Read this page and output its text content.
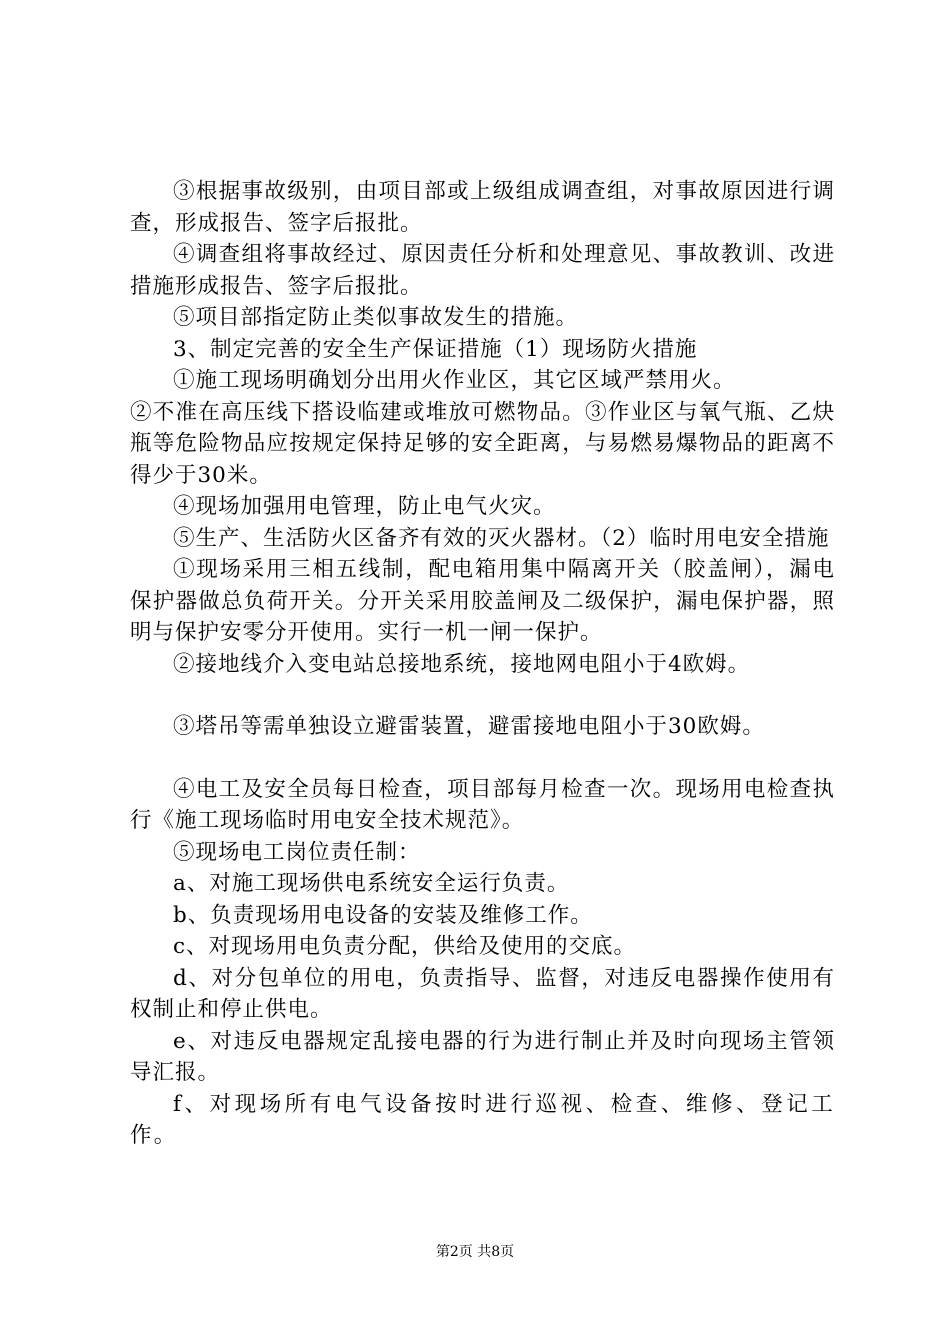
③根据事故级别，由项目部或上级组成调查组，对事故原因进行调查，形成报告、签字后报批。

④调查组将事故经过、原因责任分析和处理意见、事故教训、改进措施形成报告、签字后报批。

⑤项目部指定防止类似事故发生的措施。

3、制定完善的安全生产保证措施（1）现场防火措施

①施工现场明确划分出用火作业区，其它区域严禁用火。

②不准在高压线下搭设临建或堆放可燃物品。③作业区与氧气瓶、乙炔瓶等危险物品应按规定保持足够的安全距离，与易燃易爆物品的距离不得少于30米。

④现场加强用电管理，防止电气火灾。

⑤生产、生活防火区备齐有效的灭火器材。（2）临时用电安全措施

①现场采用三相五线制，配电箱用集中隔离开关（胶盖闸），漏电保护器做总负荷开关。分开关采用胶盖闸及二级保护，漏电保护器，照明与保护安零分开使用。实行一机一闸一保护。

②接地线介入变电站总接地系统，接地网电阻小于4欧姆。

③塔吊等需单独设立避雷装置，避雷接地电阻小于30欧姆。

④电工及安全员每日检查，项目部每月检查一次。现场用电检查执行《施工现场临时用电安全技术规范》。

⑤现场电工岗位责任制：

a、对施工现场供电系统安全运行负责。

b、负责现场用电设备的安装及维修工作。

c、对现场用电负责分配，供给及使用的交底。

d、对分包单位的用电，负责指导、监督，对违反电器操作使用有权制止和停止供电。

e、对违反电器规定乱接电器的行为进行制止并及时向现场主管领导汇报。

f、对现场所有电气设备按时进行巡视、检查、维修、登记工作。

第2页 共8页
